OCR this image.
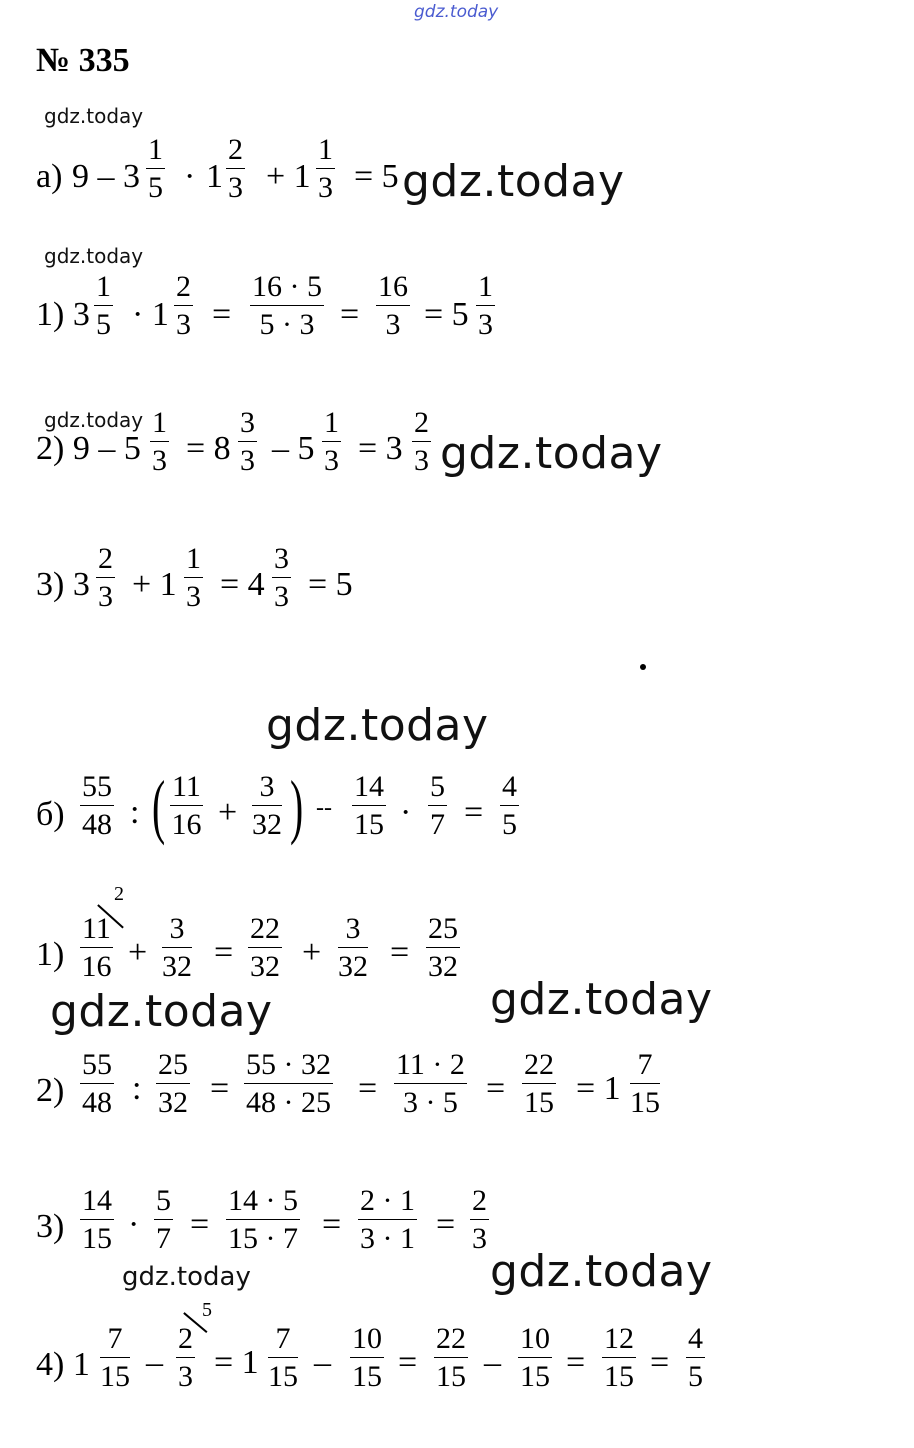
gdz.today
gdz.today
gdz.today
gdz.today
gdz.today
gdz.today
gdz.today
gdz.today	gdz.today
gdz.today	gdz.today
№ 335
а) $9 - 3 \frac{1}{5} \cdot 1 \frac{2}{3} + 1 \frac{1}{3} = 5$
1) $3 \frac{1}{5} \cdot 1 \frac{2}{3} = \frac{16 \cdot 5}{5 \cdot 3} = \frac{16}{3} = 5 \frac{1}{3}$
2) $9 - 5 \frac{1}{3} = 8 \frac{3}{3} - 5 \frac{1}{3} = 3 \frac{2}{3}$
3) $3 \frac{2}{3} + 1 \frac{1}{3} = 4 \frac{3}{3} = 5$
$б) \frac{55}{48}$ : ( $\frac{11}{16} + \frac{3}{32}$ ) -- $\frac{14}{15} \cdot \frac{5}{7} = \frac{4}{5}$
$1) \frac{11}{16}$
2
+ $\frac{3}{32} = \frac{22}{32} + \frac{3}{32} = \frac{25}{32}$
$2) \frac{55}{48}$ : $\frac{25}{32} = \frac{55 \cdot 32}{48 \cdot 25} = \frac{11 \cdot 2}{3 \cdot 5} = \frac{22}{15} = 1 \frac{7}{15}$
$3) \frac{14}{15} \cdot \frac{5}{7} = \frac{14 \cdot 5}{15 \cdot 7} = \frac{2 \cdot 1}{3 \cdot 1} = \frac{2}{3}$
4) $1 \frac{7}{15} - \frac{2}{3}$
5
= $1 \frac{7}{15} - \frac{10}{15} = \frac{22}{15} - \frac{10}{15} = \frac{12}{15} = \frac{4}{5}$
